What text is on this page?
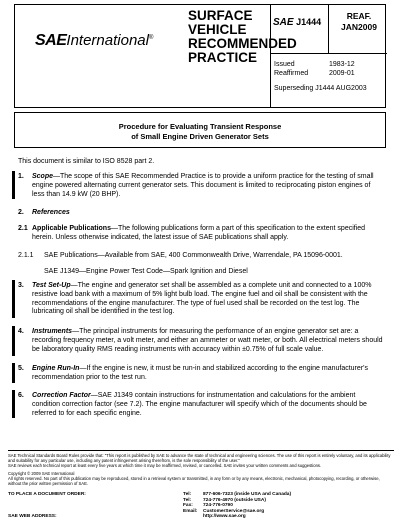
SAEInternational®
SURFACE
VEHICLE
RECOMMENDED
PRACTICE
SAE J1444
REAF.
JAN2009
Issued	1983-12
Reaffirmed	2009-01
Superseding J1444 AUG2003
Procedure for Evaluating Transient Response
of Small Engine Driven Generator Sets
This document is similar to ISO 8528 part 2.
1. Scope—The scope of this SAE Recommended Practice is to provide a uniform practice for the testing of small engine powered alternating current generator sets. This document is limited to reciprocating piston engines of less than 14.9 kW (20 BHP).
2. References
2.1 Applicable Publications—The following publications form a part of this specification to the extent specified herein. Unless otherwise indicated, the latest issue of SAE publications shall apply.
2.1.1 SAE Publications—Available from SAE, 400 Commonwealth Drive, Warrendale, PA 15096-0001.
SAE J1349—Engine Power Test Code—Spark Ignition and Diesel
3. Test Set-Up—The engine and generator set shall be assembled as a complete unit and connected to a 100% resistive load bank with a maximum of 5% light bulb load. The engine fuel and oil shall be consistent with the recommendations of the engine manufacturer. The type of fuel used shall be recorded on the test log. The lubricating oil shall be identified in the test log.
4. Instruments—The principal instruments for measuring the performance of an engine generator set are: a recording frequency meter, a volt meter, and either an ammeter or watt meter, or both. All electrical meters should be laboratory quality RMS reading instruments with accuracy within ±0.75% of full scale value.
5. Engine Run-In—If the engine is new, it must be run-in and stabilized according to the engine manufacturer's recommendation prior to the test run.
6. Correction Factor—SAE J1349 contain instructions for instrumentation and calculations for the ambient condition correction factor (see 7.2). The engine manufacturer will specify which of the documents should be referred to for each specific engine.
SAE Technical Standards Board Rules provide that: "This report is published by SAE to advance the state of technical and engineering sciences. The use of this report is entirely voluntary, and its applicability and suitability for any particular use, including any patent infringement arising therefrom, is the sole responsibility of the user."
SAE reviews each technical report at least every five years at which time it may be reaffirmed, revised, or cancelled. SAE invites your written comments and suggestions.
Copyright © 2009 SAE International
All rights reserved. No part of this publication may be reproduced, stored in a retrieval system or transmitted, in any form or by any means, electronic, mechanical, photocopying, recording, or otherwise, without the prior written permission of SAE.
TO PLACE A DOCUMENT ORDER:	Tel: 877-606-7323 (inside USA and Canada)
Tel: 724-776-4970 (outside USA)
Fax: 724-776-0790
Email: CustomerService@sae.org
SAE WEB ADDRESS:	http://www.sae.org
